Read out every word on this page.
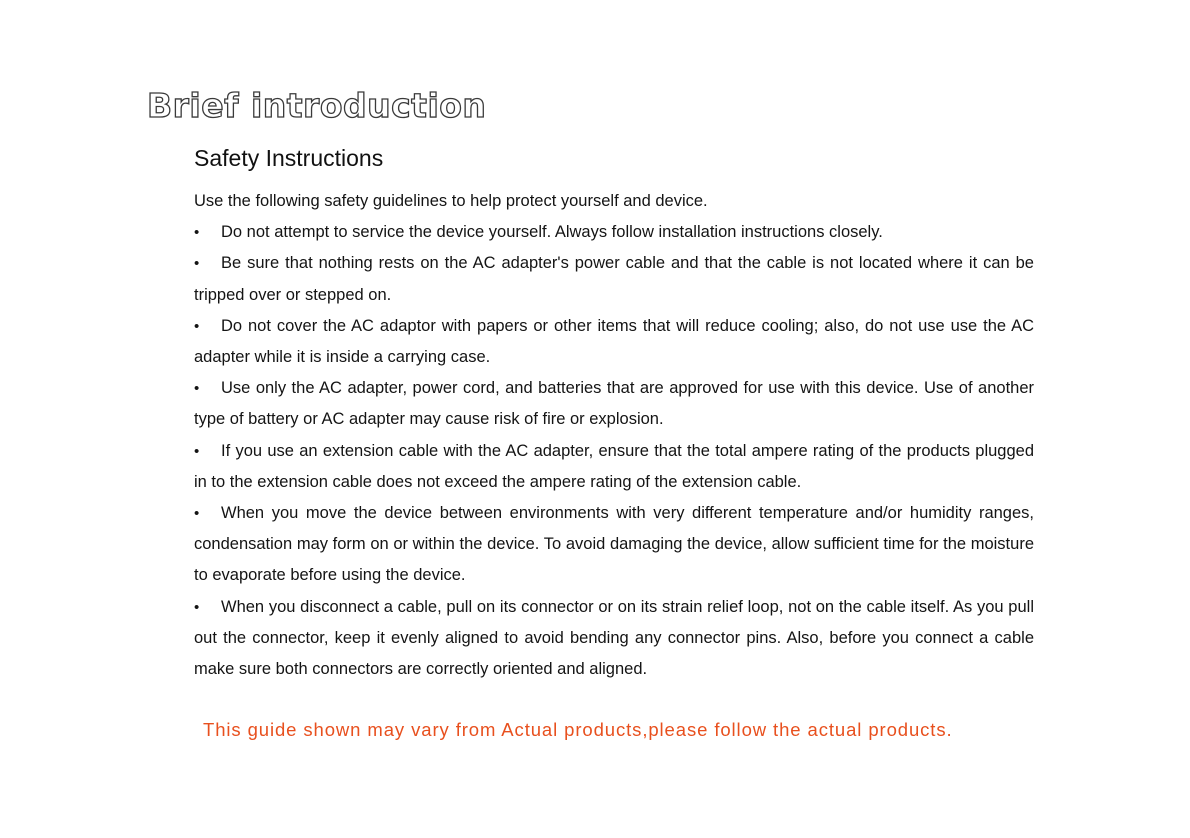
Brief introduction
Safety Instructions

Use the following safety guidelines to help protect yourself and device.

• Do not attempt to service the device yourself. Always follow installation instructions closely.

• Be sure that nothing rests on the AC adapter's power cable and that the cable is not located where it can be tripped over or stepped on.

• Do not cover the AC adaptor with papers or other items that will reduce cooling; also, do not use use the AC adapter while it is inside a carrying case.

• Use only the AC adapter, power cord, and batteries that are approved for use with this device. Use of another type of battery or AC adapter may cause risk of fire or explosion.

• If you use an extension cable with the AC adapter, ensure that the total ampere rating of the products plugged in to the extension cable does not exceed the ampere rating of the extension cable.

• When you move the device between environments with very different temperature and/or humidity ranges, condensation may form on or within the device. To avoid damaging the device, allow sufficient time for the moisture to evaporate before using the device.

• When you disconnect a cable, pull on its connector or on its strain relief loop, not on the cable itself. As you pull out the connector, keep it evenly aligned to avoid bending any connector pins. Also, before you connect a cable make sure both connectors are correctly oriented and aligned.

This guide shown may vary from Actual products,please follow the actual products.
